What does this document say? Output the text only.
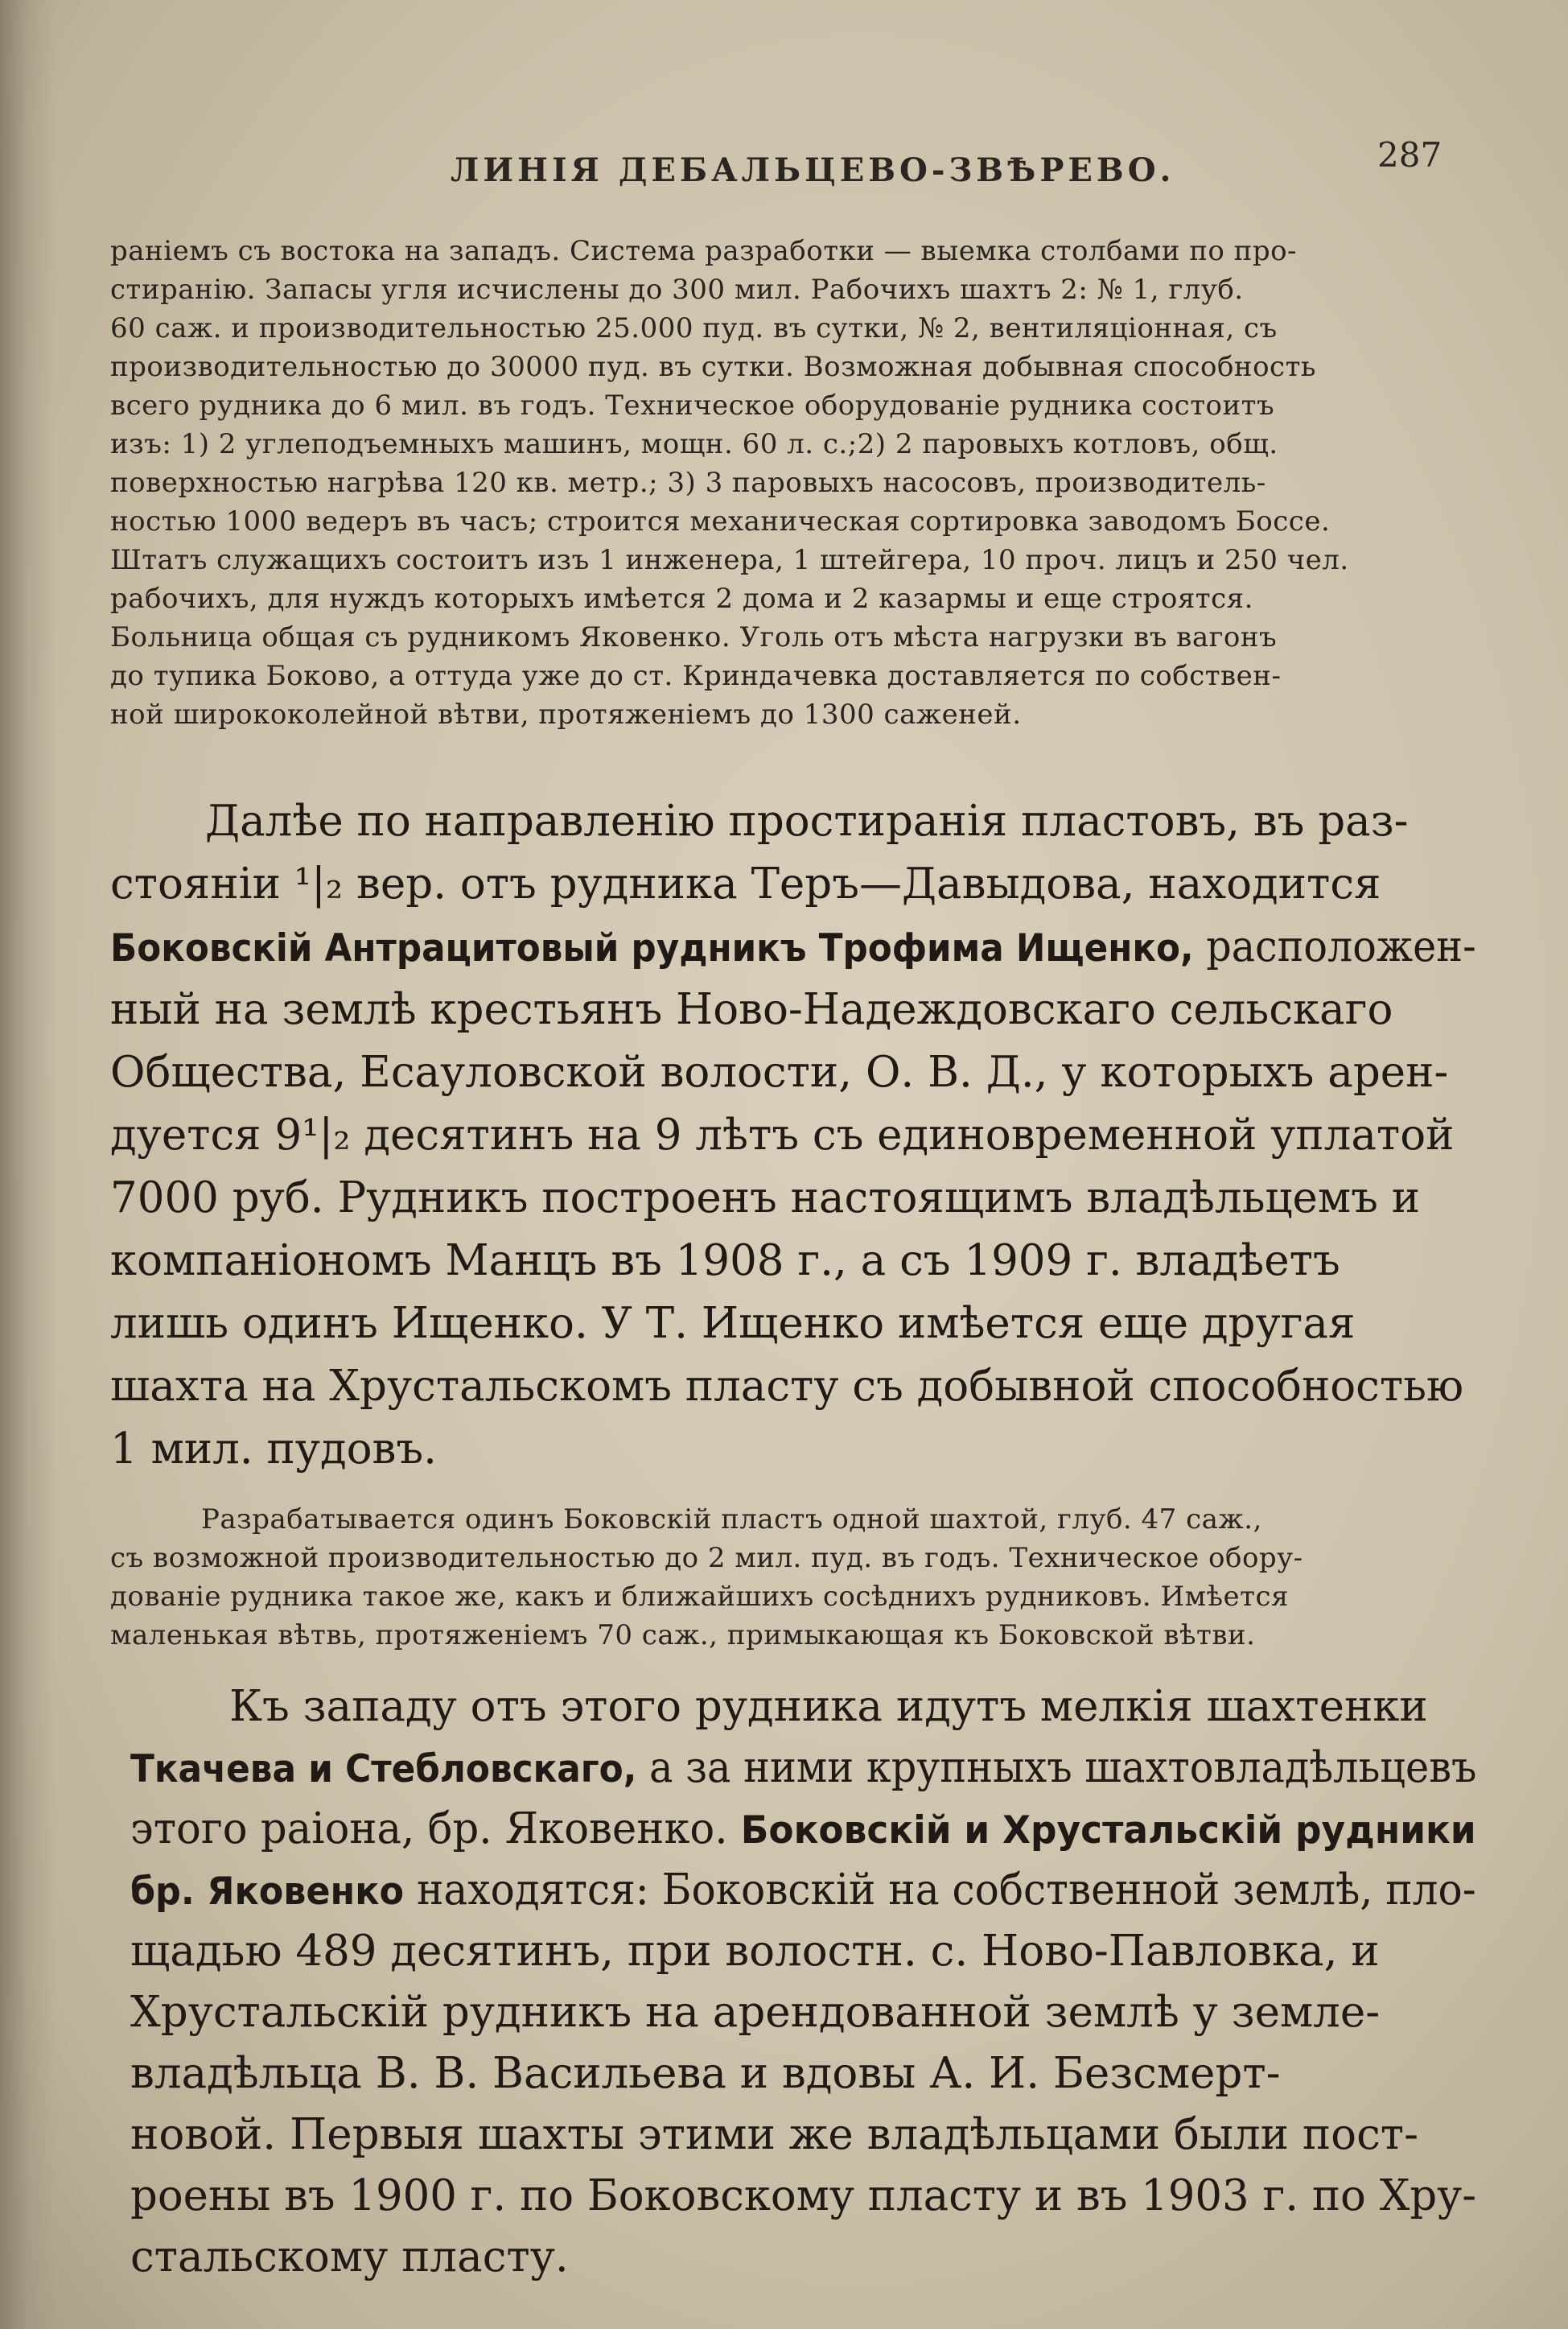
ЛИНІЯ ДЕБАЛЬЦЕВО-ЗВѢРЕВО.	287
раніемъ съ востока на западъ. Система разработки — выемка столбами по про-
стиранію. Запасы угля исчислены до 300 мил. Рабочихъ шахтъ 2: № 1, глуб.
60 саж. и производительностью 25.000 пуд. въ сутки, № 2, вентиляціонная, съ
производительностью до 30000 пуд. въ сутки. Возможная добывная способность
всего рудника до 6 мил. въ годъ. Техническое оборудованіе рудника состоитъ
изъ: 1) 2 углеподъемныхъ машинъ, мощн. 60 л. с.;2) 2 паровыхъ котловъ, общ.
поверхностью нагрѣва 120 кв. метр.; 3) 3 паровыхъ насосовъ, производитель-
ностью 1000 ведеръ въ часъ; строится механическая сортировка заводомъ Боссе.
Штатъ служащихъ состоитъ изъ 1 инженера, 1 штейгера, 10 проч. лицъ и 250 чел.
рабочихъ, для нуждъ которыхъ имѣется 2 дома и 2 казармы и еще строятся.
Больница общая съ рудникомъ Яковенко. Уголь отъ мѣста нагрузки въ вагонъ
до тупика Боково, а оттуда уже до ст. Криндачевка доставляется по собствен-
ной ширококолейной вѣтви, протяженіемъ до 1300 саженей.
Далѣе по направленію простиранія пластовъ, въ раз-
стояніи ¹|₂ вер. отъ рудника Теръ—Давыдова, находится
Боковскій Антрацитовый рудникъ Трофима Ищенко, расположен-
ный на землѣ крестьянъ Ново-Надеждовскаго сельскаго
Общества, Есауловской волости, О. В. Д., у которыхъ арен-
дуется 9¹|₂ десятинъ на 9 лѣтъ съ единовременной уплатой
7000 руб. Рудникъ построенъ настоящимъ владѣльцемъ и
компаніономъ Манцъ въ 1908 г., а съ 1909 г. владѣетъ
лишь одинъ Ищенко. У Т. Ищенко имѣется еще другая
шахта на Хрустальскомъ пласту съ добывной способностью
1 мил. пудовъ.
Разрабатывается одинъ Боковскій пластъ одной шахтой, глуб. 47 саж.,
съ возможной производительностью до 2 мил. пуд. въ годъ. Техническое обору-
дованіе рудника такое же, какъ и ближайшихъ сосѣднихъ рудниковъ. Имѣется
маленькая вѣтвь, протяженіемъ 70 саж., примыкающая къ Боковской вѣтви.
Къ западу отъ этого рудника идутъ мелкія шахтенки
Ткачева и Стебловскаго, а за ними крупныхъ шахтовладѣльцевъ
этого раіона, бр. Яковенко. Боковскій и Хрустальскій рудники
бр. Яковенко находятся: Боковскій на собственной землѣ, пло-
щадью 489 десятинъ, при волостн. с. Ново-Павловка, и
Хрустальскій рудникъ на арендованной землѣ у земле-
владѣльца В. В. Васильева и вдовы А. И. Безсмерт-
новой. Первыя шахты этими же владѣльцами были пост-
роены въ 1900 г. по Боковскому пласту и въ 1903 г. по Хру-
стальскому пласту.
